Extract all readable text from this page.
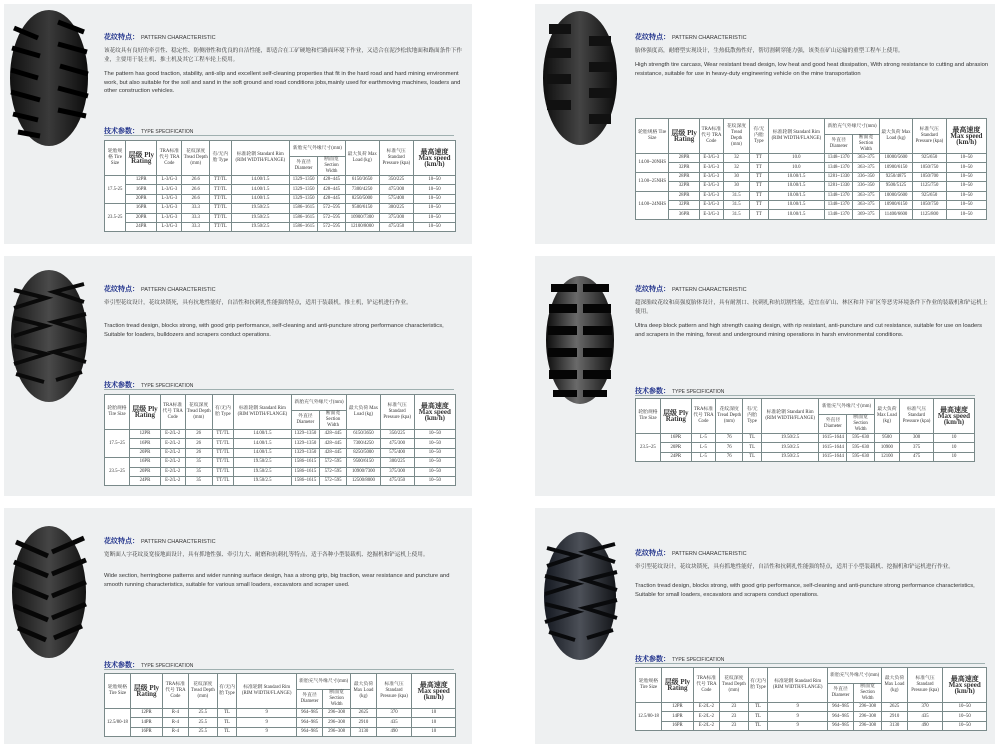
花纹特点： PATTERN CHARACTERISTIC

该花纹具有良好的牵引性、稳定性、防侧滑性和优良的自洁性能，即适合在工矿硬地和烂路面环境下作业，又适合在泥沙松软地面和路面条件下作业，主要用于装土机、推土机及其它工程车轮上使用。

The pattern has good traction, stability, anti-slip and excellent self-cleaning properties that fit in the hard road and hard mining environment work, but also suitable for the soil and sand in the soft ground and road conditions jobs,mainly used for earthmoving machines, loaders and other construction vehicles.

技术参数： TYPE SPECIFICATION
轮胎规格 Tire Size	层级 Ply Rating	TRA标准代号 TRA Code	花纹深度 Tread Depth (mm)	有/无内胎 Type	标准轮辋 Standard Rim (RIM WIDTH/FLANGE)	新胎充气外缘尺寸(mm)		最大负荷 Max Load (kg)	标准气压 Standard Pressure (kpa)	最高速度 Max speed (km/h)
						外直径 Diameter	断面宽 Section Width			
17.5-25	12PR	L-3/G-3	26.6	TT/TL	14.00/1.5	1329~1350	428~445	6150/3650	350/225	10~50
	16PR	L-3/G-3	26.6	TT/TL	14.00/1.5	1329~1350	428~445	7300/4250	475/300	10~50
	20PR	L-3/G-3	26.6	TT/TL	14.00/1.5	1329~1350	428~445	8250/5000	575/400	10~50
23.5-25	16PR	L-3/G-3	33.3	TT/TL	19.50/2.5	1586~1615	572~595	9500/6150	300/225	10~50
	20PR	L-3/G-3	33.3	TT/TL	19.50/2.5	1586~1615	572~595	10900/7300	375/300	10~50
	24PR	L-3/G-3	33.3	TT/TL	19.50/2.5	1586~1615	572~595	12100/8000	475/350	10~50
花纹特点： PATTERN CHARACTERISTIC

胎体强度高，耐磨型实现设计，生热低散热性好，帮切割刺穿能力强，该类在矿山运输的重型工程车上使用。

High strength tire carcass, Wear resistant tread design, low heat and good heat dissipation, With strong resistance to cutting and abrasion resistance, suitable for use in heavy-duty engineering vehicle on the mine transportation

轮胎规格 Tire Size	层级 Ply Rating	TRA标准代号 TRA Code	花纹深度 Tread Depth (mm)	有/无内胎 Type	标准轮辋 Standard Rim (RIM WIDTH/FLANGE)	新胎充气外缘尺寸(mm)		最大负荷 Max Load (kg)	标准气压 Standard Pressure (kpa)	最高速度 Max speed (km/h)
						外直径 Diameter	断面宽 Section Width			
14.00~20NHS	28PR	E-3/G-3	32	TT	10.0	1348~1370	363~375	10000/5600	925/650	10~50
	32PR	E-3/G-3	32	TT	10.0	1348~1370	363~375	10900/6150	1050/750	10~50
13.00~25NHS	28PR	E-3/G-3	30	TT	10.00/1.5	1281~1330	336~350	9250/4875	1050/700	10~50
	32PR	E-3/G-3	30	TT	10.00/1.5	1281~1330	336~350	9500/5125	1125/750	10~50
14.00~24NHS	28PR	E-3/G-3	31.5	TT	10.00/1.5	1348~1370	363~375	10000/5600	925/650	10~50
	32PR	E-3/G-3	31.5	TT	10.00/1.5	1348~1370	363~375	10900/6150	1050/750	10~50
	36PR	E-3/G-3	31.5	TT	10.00/1.5	1348~1370	369~375	11400/6600	1125/800	10~50
花纹特点： PATTERN CHARACTERISTIC

牵引型花纹设计，花纹块锁死，具有抗地性能好，自洁性和抗刺扎性能强的特点，适用于装载机，推土机，铲运机进行作业。

Traction tread design, blocks strong, with good grip performance, self-cleaning and anti-puncture strong performance characteristics, Suitable for loaders, bulldozers and scrapers conduct operations.

技术参数： TYPE SPECIFICATION
轮胎规格 Tire Size	层级 Ply Rating	TRA标准代号 TRA Code	花纹深度 Tread Depth (mm)	有/无内胎 Type	标准轮辋 Standard Rim (RIM WIDTH/FLANGE)	新胎充气外缘尺寸(mm)		最大负荷 Max Load (kg)	标准气压 Standard Pressure (kpa)	最高速度 Max speed (km/h)
						外直径 Diameter	断面宽 Section Width			
17.5~25	12PR	E-2/L-2	26	TT/TL	14.00/1.5	1329~1350	428~445	6150/3650	350/225	10~50
	16PR	E-2/L-2	26	TT/TL	14.00/1.5	1329~1350	428~445	7300/4250	475/300	10~50
	20PR	E-2/L-2	26	TT/TL	14.00/1.5	1329~1350	428~445	8250/5000	575/400	10~50
23.5~25	16PR	E-2/L-2	35	TT/TL	19.50/2.5	1586~1615	572~595	9500/6150	300/225	10~50
	20PR	E-2/L-2	35	TT/TL	19.50/2.5	1586~1615	572~595	10900/7300	375/300	10~50
	24PR	E-2/L-2	35	TT/TL	19.50/2.5	1586~1615	572~595	12500/8000	475/350	10~50
花纹特点： PATTERN CHARACTERISTIC

超深胎纹花纹和高强度胎体设计，具有耐割口、抗刺扎和抗切割性能，适宜在矿山、林区和井下矿区等恶劣环境条件下作业的装载机和铲运机上使用。

Ultra deep block pattern and high strength casing design, with rip resistant, anti-puncture and cut resistance, suitable for use on loaders and scrapers in the mining, forest and underground mining operations in harsh environmental conditions.

技术参数： TYPE SPECIFICATION
轮胎规格 Tire Size	层级 Ply Rating	TRA标准代号 TRA Code	花纹深度 Tread Depth (mm)	有/无内胎 Type	标准轮辋 Standard Rim (RIM WIDTH/FLANGE)	新胎充气外缘尺寸(mm)		最大负荷 Max Load (kg)	标准气压 Standard Pressure (kpa)	最高速度 Max speed (km/h)
						外直径 Diameter	断面宽 Section Width			
23.5~25	16PR	L-5	76	TL	19.50/2.5	1615~1644	595~630	9500	300	10
	20PR	L-5	76	TL	19.50/2.5	1615~1644	595~630	10900	375	10
	24PR	L-5	76	TL	19.50/2.5	1615~1644	595~630	12100	475	10
花纹特点： PATTERN CHARACTERISTIC

宽断面人字花纹及宽接地面设计，具有抓地性强、牵引力大、耐磨和抗刺扎等特点，适于各种小型装载机、挖掘机和铲运机上使用。

Wide section, herringbone patterns and wider running surface design, has a strong grip, big traction, wear resistance and puncture and smooth running characteristics, suitable for various small loaders, excavators and scraper used.

技术参数： TYPE SPECIFICATION
轮胎规格 Tire Size	层级 Ply Rating	TRA标准代号 TRA Code	花纹深度 Tread Depth (mm)	有/无内胎 Type	标准轮辋 Standard Rim (RIM WIDTH/FLANGE)	新胎充气外缘尺寸(mm)		最大负荷 Max Load (kg)	标准气压 Standard Pressure (kpa)	最高速度 Max speed (km/h)
						外直径 Diameter	断面宽 Section Width			
12.5/80-18	12PR	R-4	25.5	TL	9	964~985	296~308	2625	370	10
	14PR	R-4	25.5	TL	9	964~985	296~308	2910	435	10
	16PR	R-4	25.5	TL	9	964~985	296~308	3130	490	10
花纹特点： PATTERN CHARACTERISTIC

牵引型花纹设计，花纹块锁死，具有抓地性能好，自洁性和抗刺扎性能强的特点，适用于小型装载机、挖掘机和铲运机进行作业。

Traction tread design, blocks strong, with good grip performance, self-cleaning and anti-puncture strong performance characteristics, Suitable for small loaders, excavators and scrapers conduct operations.

技术参数： TYPE SPECIFICATION
轮胎规格 Tire Size	层级 Ply Rating	TRA标准代号 TRA Code	花纹深度 Tread Depth (mm)	有/无内胎 Type	标准轮辋 Standard Rim (RIM WIDTH/FLANGE)	新胎充气外缘尺寸(mm)		最大负荷 Max Load (kg)	标准气压 Standard Pressure (kpa)	最高速度 Max speed (km/h)
						外直径 Diameter	断面宽 Section Width			
12.5/80-18	12PR	E-2/L-2	23	TL	9	964~985	296~308	2625	370	10~50
	14PR	E-2/L-2	23	TL	9	964~985	296~308	2910	435	10~50
	16PR	E-2/L-2	23	TL	9	964~985	296~308	3130	490	10~50
